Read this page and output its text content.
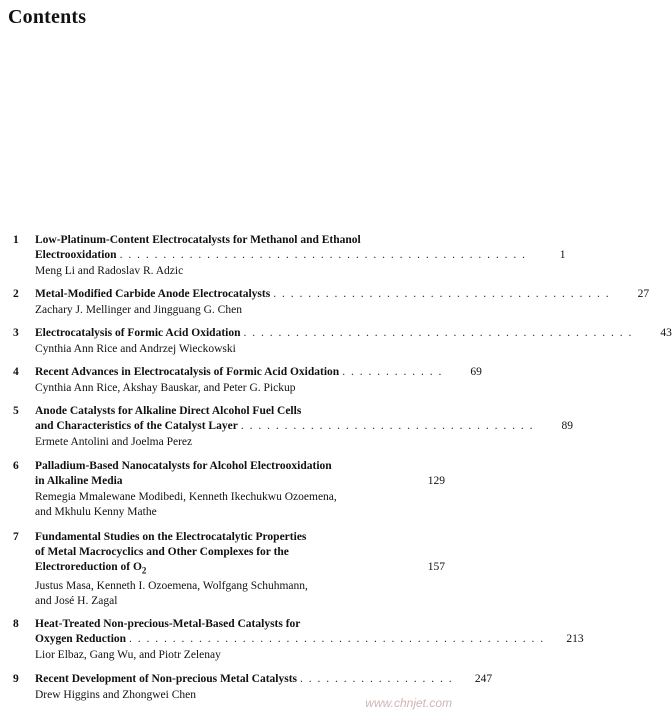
Contents
1 Low-Platinum-Content Electrocatalysts for Methanol and Ethanol
Electrooxidation . . . . . . . . . . . . . . . . . . . . . . . . . . . . . . . . . . . . . . . . . . . . . . .	1
Meng Li and Radoslav R. Adzic
2 Metal-Modified Carbide Anode Electrocatalysts . . . . . . . . . . . . . . . . . . . . . . . . . . . . . . . . . . . . . . .	27
Zachary J. Mellinger and Jingguang G. Chen
3 Electrocatalysis of Formic Acid Oxidation . . . . . . . . . . . . . . . . . . . . . . . . . . . . . . . . . . . . . . . . . . . . .	43
Cynthia Ann Rice and Andrzej Wieckowski
4 Recent Advances in Electrocatalysis of Formic Acid Oxidation . . . . . . . . . . . .	69
Cynthia Ann Rice, Akshay Bauskar, and Peter G. Pickup
5 Anode Catalysts for Alkaline Direct Alcohol Fuel Cells
and Characteristics of the Catalyst Layer . . . . . . . . . . . . . . . . . . . . . . . . . . . . . . . . . .	89
Ermete Antolini and Joelma Perez
6 Palladium-Based Nanocatalysts for Alcohol Electrooxidation
in Alkaline Media	129
Remegia Mmalewane Modibedi, Kenneth Ikechukwu Ozoemena,
and Mkhulu Kenny Mathe
7 Fundamental Studies on the Electrocatalytic Properties
of Metal Macrocyclics and Other Complexes for the
Electroreduction of $O_2$	157
Justus Masa, Kenneth I. Ozoemena, Wolfgang Schuhmann,
and José H. Zagal
8 Heat-Treated Non-precious-Metal-Based Catalysts for
Oxygen Reduction . . . . . . . . . . . . . . . . . . . . . . . . . . . . . . . . . . . . . . . . . . . . . . . .	213
Lior Elbaz, Gang Wu, and Piotr Zelenay
9 Recent Development of Non-precious Metal Catalysts . . . . . . . . . . . . . . . . . .	247
Drew Higgins and Zhongwei Chen
www.chnjet.com
